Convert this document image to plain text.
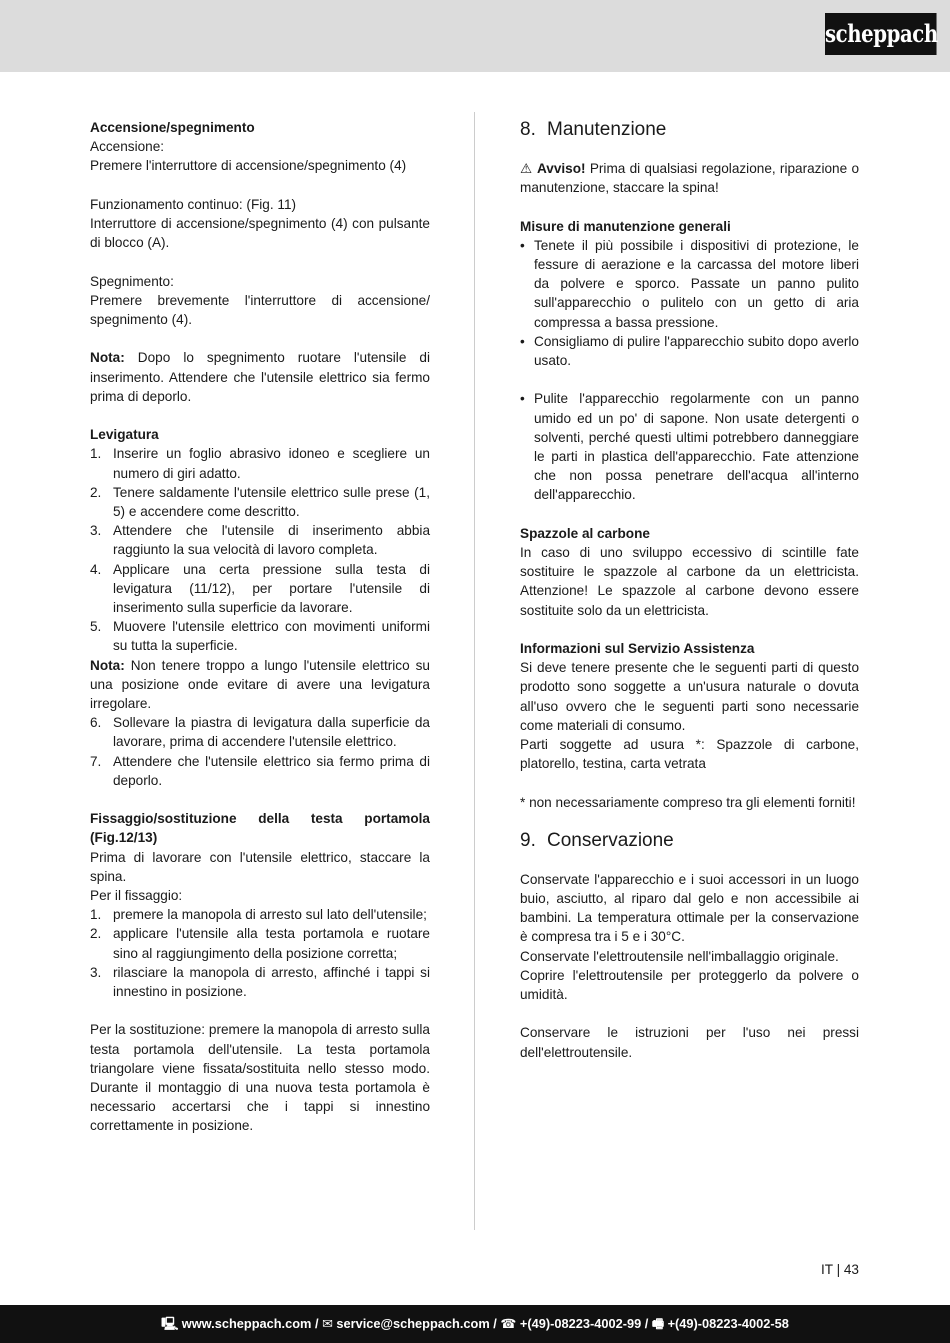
scheppach

Accensione/spegnimento

Accensione:

Premere l'interruttore di accensione/spegnimento (4)

Funzionamento continuo: (Fig. 11)

Interruttore di accensione/spegnimento (4) con pulsante di blocco (A).

Spegnimento:

Premere brevemente l'interruttore di accensione/ spegnimento (4).

Nota: Dopo lo spegnimento ruotare l'utensile di inserimento. Attendere che l'utensile elettrico sia fermo prima di deporlo.

Levigatura

1. Inserire un foglio abrasivo idoneo e scegliere un numero di giri adatto.
2. Tenere saldamente l'utensile elettrico sulle prese (1, 5) e accendere come descritto.
3. Attendere che l'utensile di inserimento abbia raggiunto la sua velocità di lavoro completa.
4. Applicare una certa pressione sulla testa di levigatura (11/12), per portare l'utensile di inserimento sulla superficie da lavorare.
5. Muovere l'utensile elettrico con movimenti uniformi su tutta la superficie.

Nota: Non tenere troppo a lungo l'utensile elettrico su una posizione onde evitare di avere una levigatura irregolare.

6. Sollevare la piastra di levigatura dalla superficie da lavorare, prima di accendere l'utensile elettrico.
7. Attendere che l'utensile elettrico sia fermo prima di deporlo.

Fissaggio/sostituzione della testa portamola (Fig.12/13)

Prima di lavorare con l'utensile elettrico, staccare la spina.

Per il fissaggio:

1. premere la manopola di arresto sul lato dell'utensile;
2. applicare l'utensile alla testa portamola e ruotare sino al raggiungimento della posizione corretta;
3. rilasciare la manopola di arresto, affinché i tappi si innestino in posizione.

Per la sostituzione: premere la manopola di arresto sulla testa portamola dell'utensile. La testa portamola triangolare viene fissata/sostituita nello stesso modo. Durante il montaggio di una nuova testa portamola è necessario accertarsi che i tappi si innestino correttamente in posizione.

8. Manutenzione

⚠ Avviso! Prima di qualsiasi regolazione, riparazione o manutenzione, staccare la spina!

Misure di manutenzione generali

• Tenete il più possibile i dispositivi di protezione, le fessure di aerazione e la carcassa del motore liberi da polvere e sporco. Passate un panno pulito sull'apparecchio o pulitelo con un getto di aria compressa a bassa pressione.
• Consigliamo di pulire l'apparecchio subito dopo averlo usato.
• Pulite l'apparecchio regolarmente con un panno umido ed un po' di sapone. Non usate detergenti o solventi, perché questi ultimi potrebbero danneggiare le parti in plastica dell'apparecchio. Fate attenzione che non possa penetrare dell'acqua all'interno dell'apparecchio.

Spazzole al carbone

In caso di uno sviluppo eccessivo di scintille fate sostituire le spazzole al carbone da un elettricista. Attenzione! Le spazzole al carbone devono essere sostituite solo da un elettricista.

Informazioni sul Servizio Assistenza

Si deve tenere presente che le seguenti parti di questo prodotto sono soggette a un'usura naturale o dovuta all'uso ovvero che le seguenti parti sono necessarie come materiali di consumo.

Parti soggette ad usura *: Spazzole di carbone, platorello, testina, carta vetrata

* non necessariamente compreso tra gli elementi forniti!

9. Conservazione

Conservate l'apparecchio e i suoi accessori in un luogo buio, asciutto, al riparo dal gelo e non accessibile ai bambini. La temperatura ottimale per la conservazione è compresa tra i 5 e i 30°C.

Conservate l'elettroutensile nell'imballaggio originale.

Coprire l'elettroutensile per proteggerlo da polvere o umidità.

Conservare le istruzioni per l'uso nei pressi dell'elettroutensile.

IT | 43
🖳︎ www.scheppach.com / ✉ service@scheppach.com / ☎ +(49)-08223-4002-99 / 🖷︎ +(49)-08223-4002-58
